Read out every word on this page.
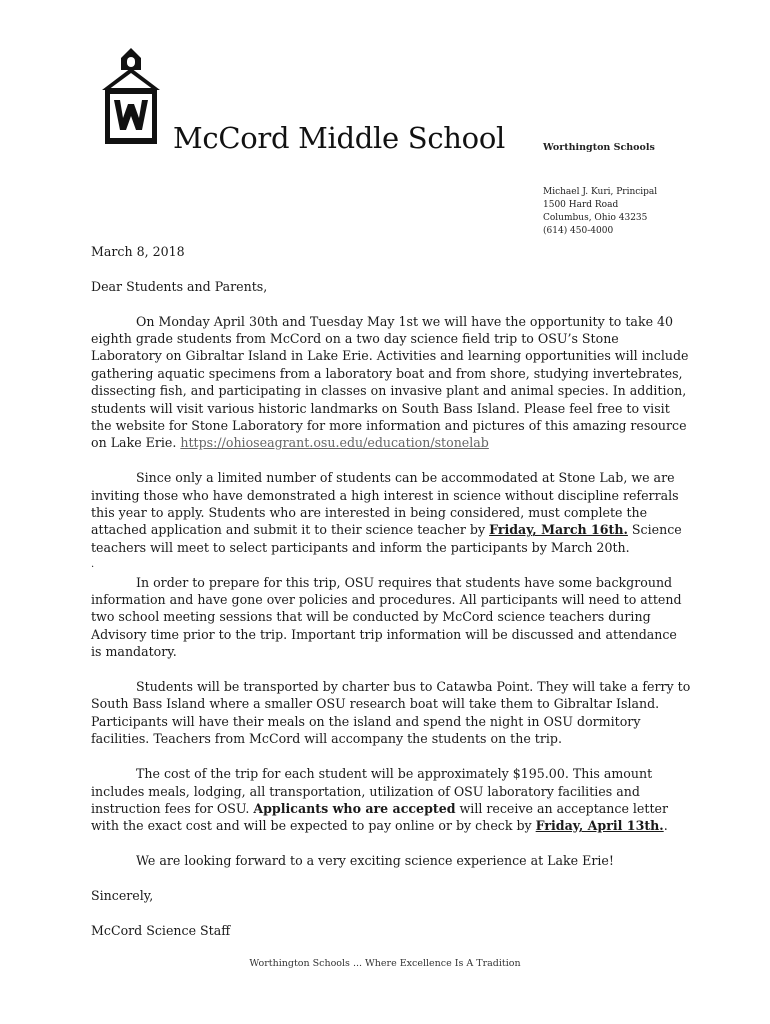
McCord Middle School	Worthington Schools
Michael J. Kuri, Principal
1500 Hard Road
Columbus, Ohio 43235
(614) 450-4000

March 8, 2018

Dear Students and Parents,

On Monday April 30th and Tuesday May 1st we will have the opportunity to take 40 eighth grade students from McCord on a two day science field trip to OSU’s Stone Laboratory on Gibraltar Island in Lake Erie. Activities and learning opportunities will include gathering aquatic specimens from a laboratory boat and from shore, studying invertebrates, dissecting fish, and participating in classes on invasive plant and animal species. In addition, students will visit various historic landmarks on South Bass Island. Please feel free to visit the website for Stone Laboratory for more information and pictures of this amazing resource on Lake Erie. https://ohioseagrant.osu.edu/education/stonelab

Since only a limited number of students can be accommodated at Stone Lab, we are inviting those who have demonstrated a high interest in science without discipline referrals this year to apply. Students who are interested in being considered, must complete the attached application and submit it to their science teacher by Friday, March 16th. Science teachers will meet to select participants and inform the participants by March 20th.

.

In order to prepare for this trip, OSU requires that students have some background information and have gone over policies and procedures. All participants will need to attend two school meeting sessions that will be conducted by McCord science teachers during Advisory time prior to the trip. Important trip information will be discussed and attendance is mandatory.

Students will be transported by charter bus to Catawba Point. They will take a ferry to South Bass Island where a smaller OSU research boat will take them to Gibraltar Island. Participants will have their meals on the island and spend the night in OSU dormitory facilities. Teachers from McCord will accompany the students on the trip.

The cost of the trip for each student will be approximately $195.00. This amount includes meals, lodging, all transportation, utilization of OSU laboratory facilities and instruction fees for OSU. Applicants who are accepted will receive an acceptance letter with the exact cost and will be expected to pay online or by check by Friday, April 13th..

We are looking forward to a very exciting science experience at Lake Erie!

Sincerely,

McCord Science Staff

Worthington Schools ... Where Excellence Is A Tradition
